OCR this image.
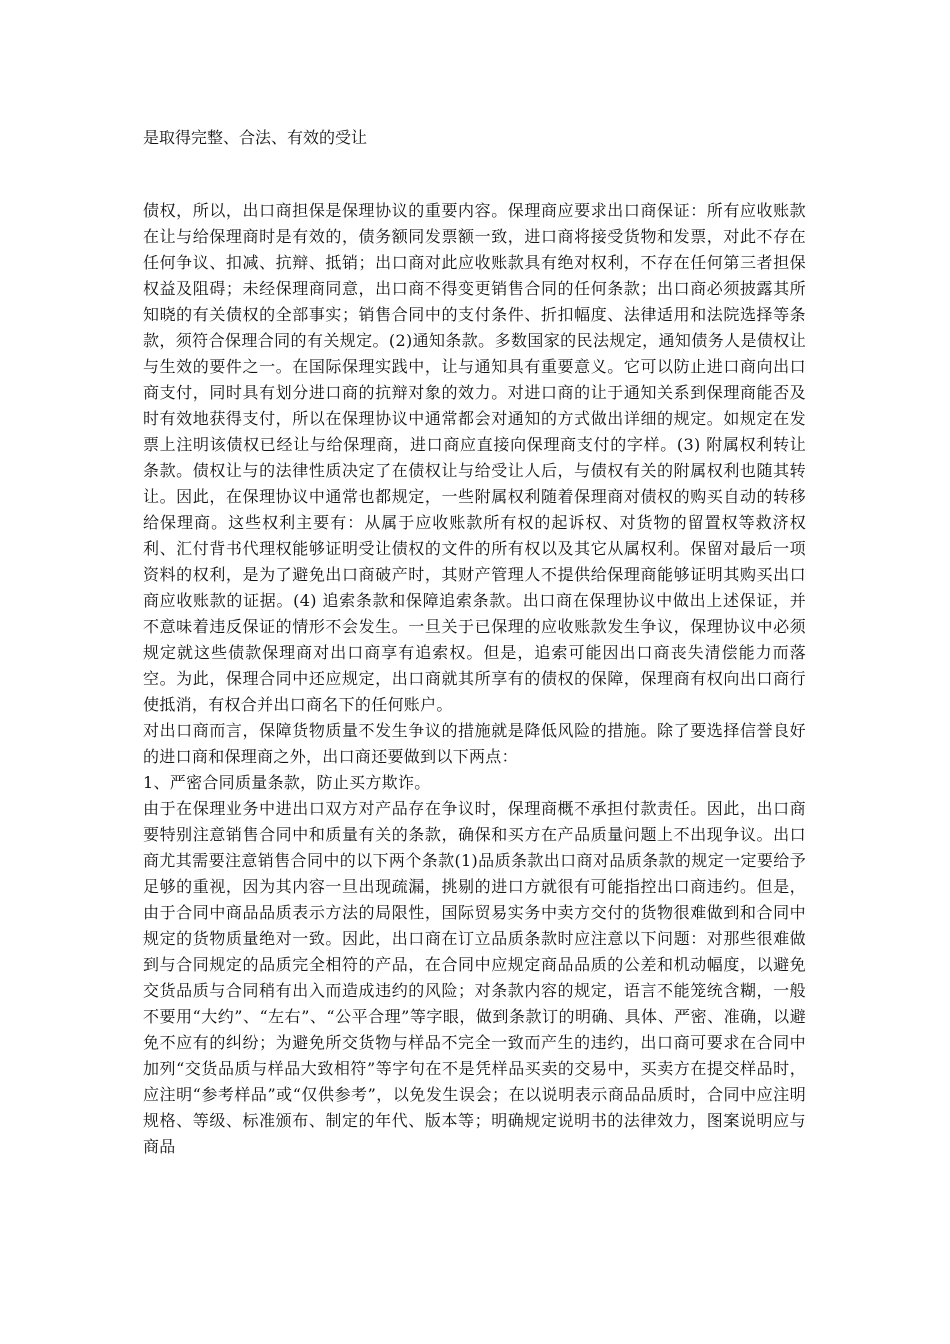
是取得完整、合法、有效的受让

债权，所以，出口商担保是保理协议的重要内容。保理商应要求出口商保证：所有应收账款在让与给保理商时是有效的，债务额同发票额一致，进口商将接受货物和发票，对此不存在任何争议、扣减、抗辩、抵销；出口商对此应收账款具有绝对权利，不存在任何第三者担保权益及阻碍；未经保理商同意，出口商不得变更销售合同的任何条款；出口商必须披露其所知晓的有关债权的全部事实；销售合同中的支付条件、折扣幅度、法律适用和法院选择等条款，须符合保理合同的有关规定。(2)通知条款。多数国家的民法规定，通知债务人是债权让与生效的要件之一。在国际保理实践中，让与通知具有重要意义。它可以防止进口商向出口商支付，同时具有划分进口商的抗辩对象的效力。对进口商的让于通知关系到保理商能否及时有效地获得支付，所以在保理协议中通常都会对通知的方式做出详细的规定。如规定在发票上注明该债权已经让与给保理商，进口商应直接向保理商支付的字样。(3) 附属权利转让条款。债权让与的法律性质决定了在债权让与给受让人后，与债权有关的附属权利也随其转让。因此，在保理协议中通常也都规定，一些附属权利随着保理商对债权的购买自动的转移给保理商。这些权利主要有：从属于应收账款所有权的起诉权、对货物的留置权等救济权利、汇付背书代理权能够证明受让债权的文件的所有权以及其它从属权利。保留对最后一项资料的权利，是为了避免出口商破产时，其财产管理人不提供给保理商能够证明其购买出口商应收账款的证据。(4) 追索条款和保障追索条款。出口商在保理协议中做出上述保证，并不意味着违反保证的情形不会发生。一旦关于已保理的应收账款发生争议，保理协议中必须规定就这些债款保理商对出口商享有追索权。但是，追索可能因出口商丧失清偿能力而落空。为此，保理合同中还应规定，出口商就其所享有的债权的保障，保理商有权向出口商行使抵消，有权合并出口商名下的任何账户。

对出口商而言，保障货物质量不发生争议的措施就是降低风险的措施。除了要选择信誉良好的进口商和保理商之外，出口商还要做到以下两点：

1、严密合同质量条款，防止买方欺诈。

由于在保理业务中进出口双方对产品存在争议时，保理商概不承担付款责任。因此，出口商要特别注意销售合同中和质量有关的条款，确保和买方在产品质量问题上不出现争议。出口商尤其需要注意销售合同中的以下两个条款(1)品质条款出口商对品质条款的规定一定要给予足够的重视，因为其内容一旦出现疏漏，挑剔的进口方就很有可能指控出口商违约。但是，由于合同中商品品质表示方法的局限性，国际贸易实务中卖方交付的货物很难做到和合同中规定的货物质量绝对一致。因此，出口商在订立品质条款时应注意以下问题：对那些很难做到与合同规定的品质完全相符的产品，在合同中应规定商品品质的公差和机动幅度，以避免交货品质与合同稍有出入而造成违约的风险；对条款内容的规定，语言不能笼统含糊，一般不要用“大约”、“左右”、“公平合理”等字眼，做到条款订的明确、具体、严密、准确，以避免不应有的纠纷；为避免所交货物与样品不完全一致而产生的违约，出口商可要求在合同中加列“交货品质与样品大致相符”等字句在不是凭样品买卖的交易中，买卖方在提交样品时，应注明“参考样品”或“仅供参考”，以免发生误会；在以说明表示商品品质时，合同中应注明规格、等级、标准颁布、制定的年代、版本等；明确规定说明书的法律效力，图案说明应与商品
